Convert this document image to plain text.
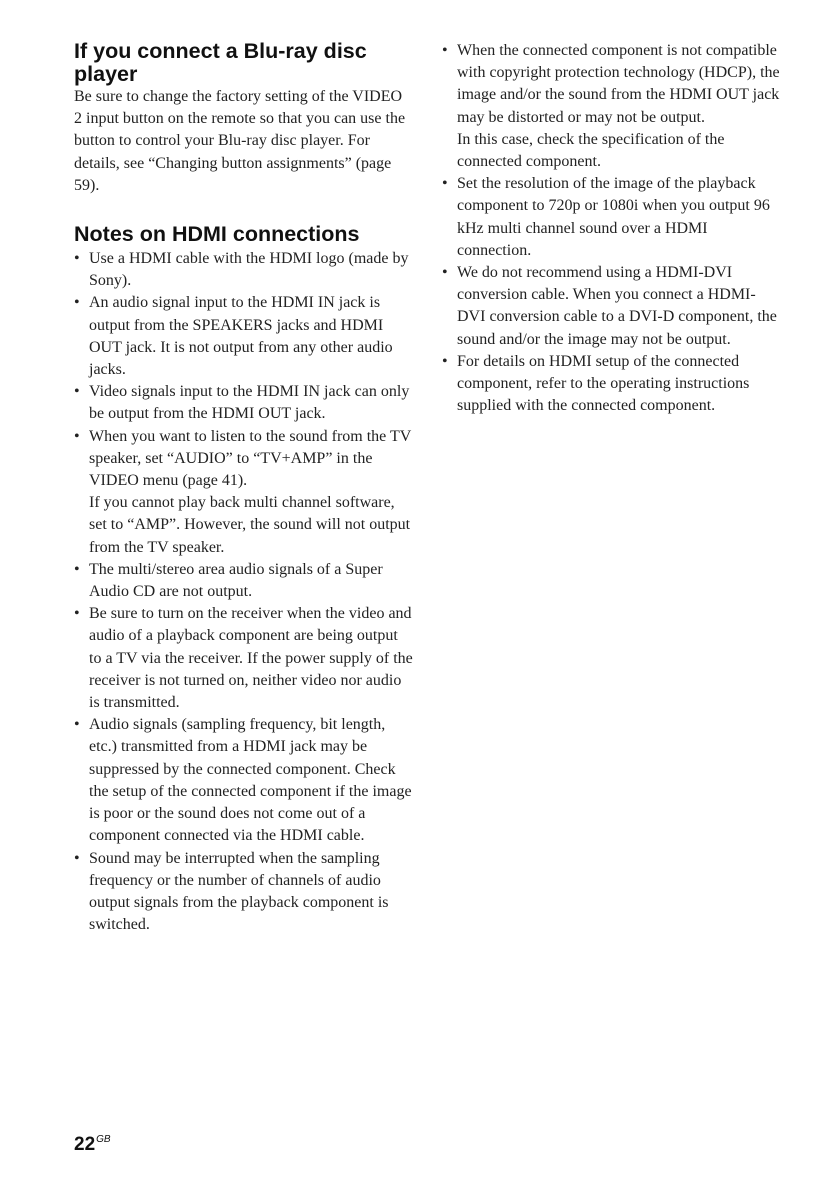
If you connect a Blu-ray disc player

Be sure to change the factory setting of the VIDEO 2 input button on the remote so that you can use the button to control your Blu-ray disc player. For details, see “Changing button assignments” (page 59).

Notes on HDMI connections
• Use a HDMI cable with the HDMI logo (made by Sony).
• An audio signal input to the HDMI IN jack is output from the SPEAKERS jacks and HDMI OUT jack. It is not output from any other audio jacks.
• Video signals input to the HDMI IN jack can only be output from the HDMI OUT jack.
• When you want to listen to the sound from the TV speaker, set “AUDIO” to “TV+AMP” in the VIDEO menu (page 41).
If you cannot play back multi channel software, set to “AMP”. However, the sound will not output from the TV speaker.
• The multi/stereo area audio signals of a Super Audio CD are not output.
• Be sure to turn on the receiver when the video and audio of a playback component are being output to a TV via the receiver. If the power supply of the receiver is not turned on, neither video nor audio is transmitted.
• Audio signals (sampling frequency, bit length, etc.) transmitted from a HDMI jack may be suppressed by the connected component. Check the setup of the connected component if the image is poor or the sound does not come out of a component connected via the HDMI cable.
• Sound may be interrupted when the sampling frequency or the number of channels of audio output signals from the playback component is switched.
• When the connected component is not compatible with copyright protection technology (HDCP), the image and/or the sound from the HDMI OUT jack may be distorted or may not be output.
In this case, check the specification of the connected component.
• Set the resolution of the image of the playback component to 720p or 1080i when you output 96 kHz multi channel sound over a HDMI connection.
• We do not recommend using a HDMI-DVI conversion cable. When you connect a HDMI-DVI conversion cable to a DVI-D component, the sound and/or the image may not be output.
• For details on HDMI setup of the connected component, refer to the operating instructions supplied with the connected component.
$22^{GB}$
